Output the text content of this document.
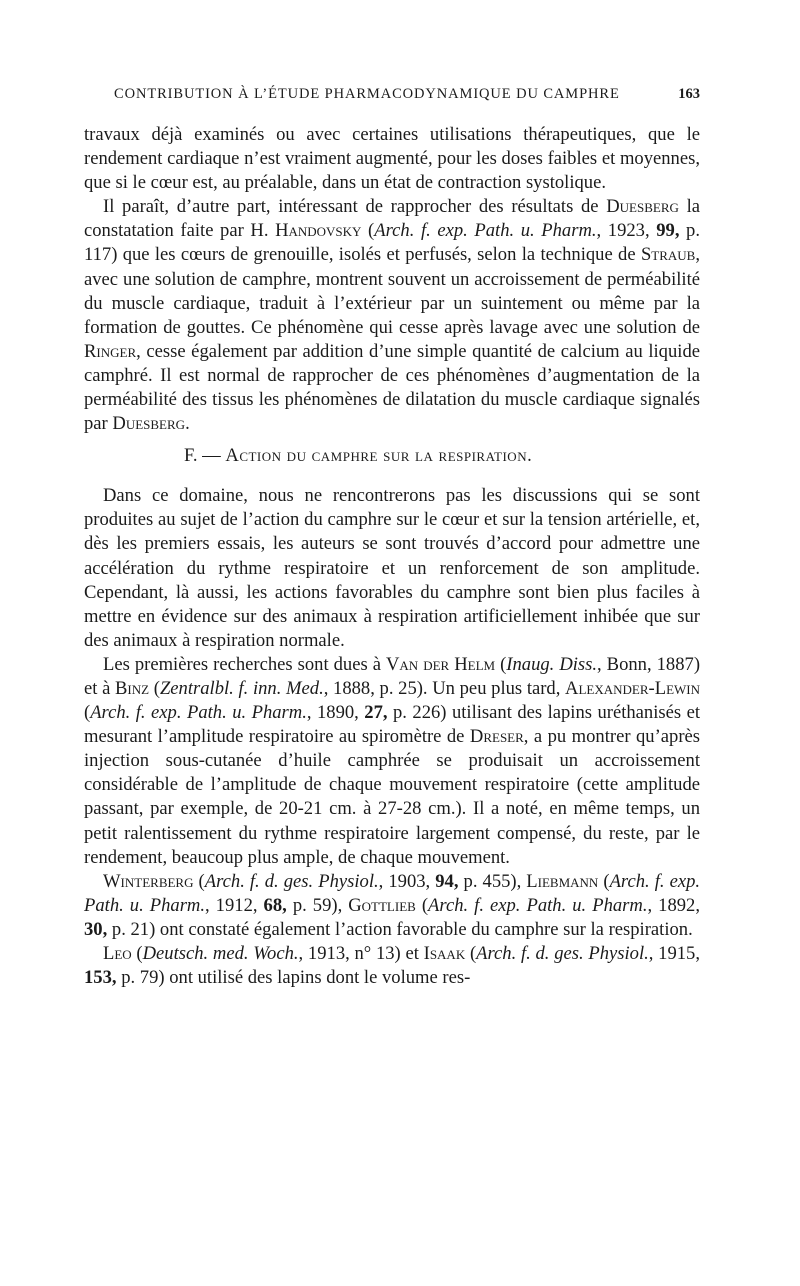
CONTRIBUTION À L’ÉTUDE PHARMACODYNAMIQUE DU CAMPHRE	163

travaux déjà examinés ou avec certaines utilisations thérapeutiques, que le rendement cardiaque n’est vraiment augmenté, pour les doses faibles et moyennes, que si le cœur est, au préalable, dans un état de contraction systolique.

Il paraît, d’autre part, intéressant de rapprocher des résultats de Duesberg la constatation faite par H. Handovsky (Arch. f. exp. Path. u. Pharm., 1923, 99, p. 117) que les cœurs de grenouille, isolés et perfusés, selon la technique de Straub, avec une solution de camphre, montrent souvent un accroissement de perméabilité du muscle cardiaque, traduit à l’extérieur par un suintement ou même par la formation de gouttes. Ce phénomène qui cesse après lavage avec une solution de Ringer, cesse également par addition d’une simple quantité de calcium au liquide camphré. Il est normal de rapprocher de ces phénomènes d’augmentation de la perméabilité des tissus les phénomènes de dilatation du muscle cardiaque signalés par Duesberg.

F. — Action du camphre sur la respiration.

Dans ce domaine, nous ne rencontrerons pas les discussions qui se sont produites au sujet de l’action du camphre sur le cœur et sur la tension artérielle, et, dès les premiers essais, les auteurs se sont trouvés d’accord pour admettre une accélération du rythme respiratoire et un renforcement de son amplitude. Cependant, là aussi, les actions favorables du camphre sont bien plus faciles à mettre en évidence sur des animaux à respiration artificiellement inhibée que sur des animaux à respiration normale.

Les premières recherches sont dues à Van der Helm (Inaug. Diss., Bonn, 1887) et à Binz (Zentralbl. f. inn. Med., 1888, p. 25). Un peu plus tard, Alexander-Lewin (Arch. f. exp. Path. u. Pharm., 1890, 27, p. 226) utilisant des lapins uréthanisés et mesurant l’amplitude respiratoire au spiromètre de Dreser, a pu montrer qu’après injection sous-cutanée d’huile camphrée se produisait un accroissement considérable de l’amplitude de chaque mouvement respiratoire (cette amplitude passant, par exemple, de 20-21 cm. à 27-28 cm.). Il a noté, en même temps, un petit ralentissement du rythme respiratoire largement compensé, du reste, par le rendement, beaucoup plus ample, de chaque mouvement.

Winterberg (Arch. f. d. ges. Physiol., 1903, 94, p. 455), Liebmann (Arch. f. exp. Path. u. Pharm., 1912, 68, p. 59), Gottlieb (Arch. f. exp. Path. u. Pharm., 1892, 30, p. 21) ont constaté également l’action favorable du camphre sur la respiration.

Leo (Deutsch. med. Woch., 1913, n° 13) et Isaak (Arch. f. d. ges. Physiol., 1915, 153, p. 79) ont utilisé des lapins dont le volume res-
